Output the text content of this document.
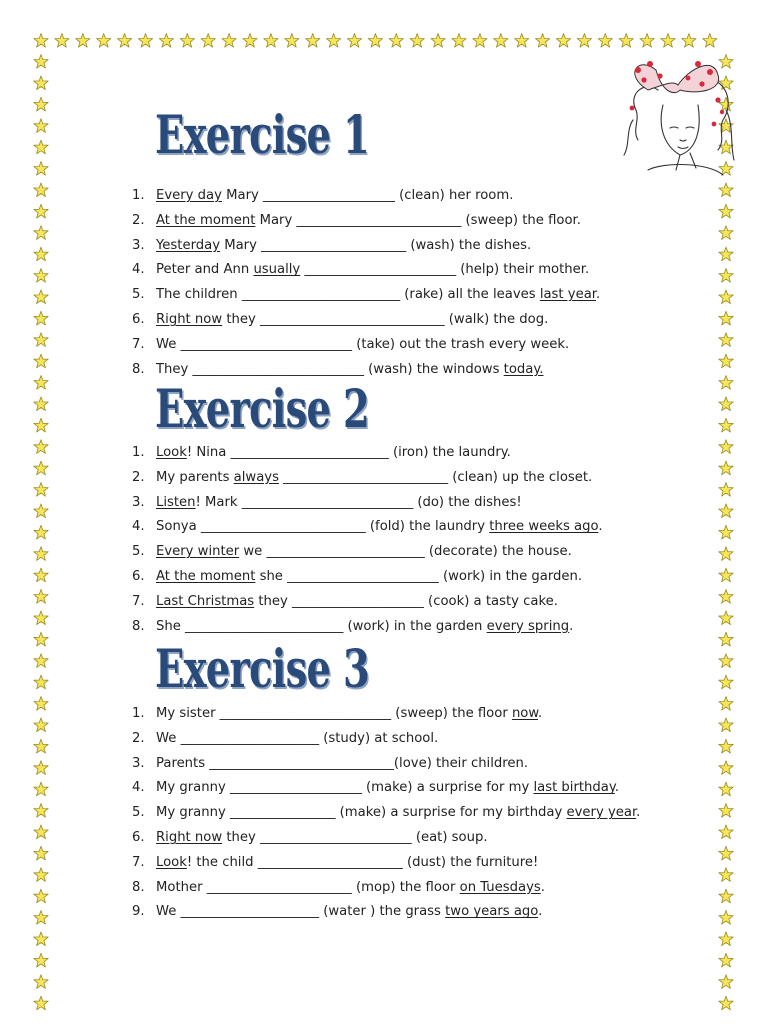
Exercise 1
1. Every day Mary ____________________ (clean) her room.
2. At the moment Mary _________________________ (sweep) the floor.
3. Yesterday Mary ______________________ (wash) the dishes.
4. Peter and Ann usually _______________________ (help) their mother.
5. The children ________________________ (rake) all the leaves last year.
6. Right now they ____________________________ (walk) the dog.
7. We __________________________ (take) out the trash every week.
8. They __________________________ (wash) the windows today.
Exercise 2
1. Look! Nina ________________________ (iron) the laundry.
2. My parents always _________________________ (clean) up the closet.
3. Listen! Mark __________________________ (do) the dishes!
4. Sonya _________________________ (fold) the laundry three weeks ago.
5. Every winter we ________________________ (decorate) the house.
6. At the moment she _______________________ (work) in the garden.
7. Last Christmas they ____________________ (cook) a tasty cake.
8. She ________________________ (work) in the garden every spring.
Exercise 3
1. My sister __________________________ (sweep) the floor now.
2. We _____________________ (study) at school.
3. Parents ____________________________(love) their children.
4. My granny ____________________ (make) a surprise for my last birthday.
5. My granny ________________ (make) a surprise for my birthday every year.
6. Right now they _______________________ (eat) soup.
7. Look! the child ______________________ (dust) the furniture!
8. Mother ______________________ (mop) the floor on Tuesdays.
9. We _____________________ (water ) the grass two years ago.
